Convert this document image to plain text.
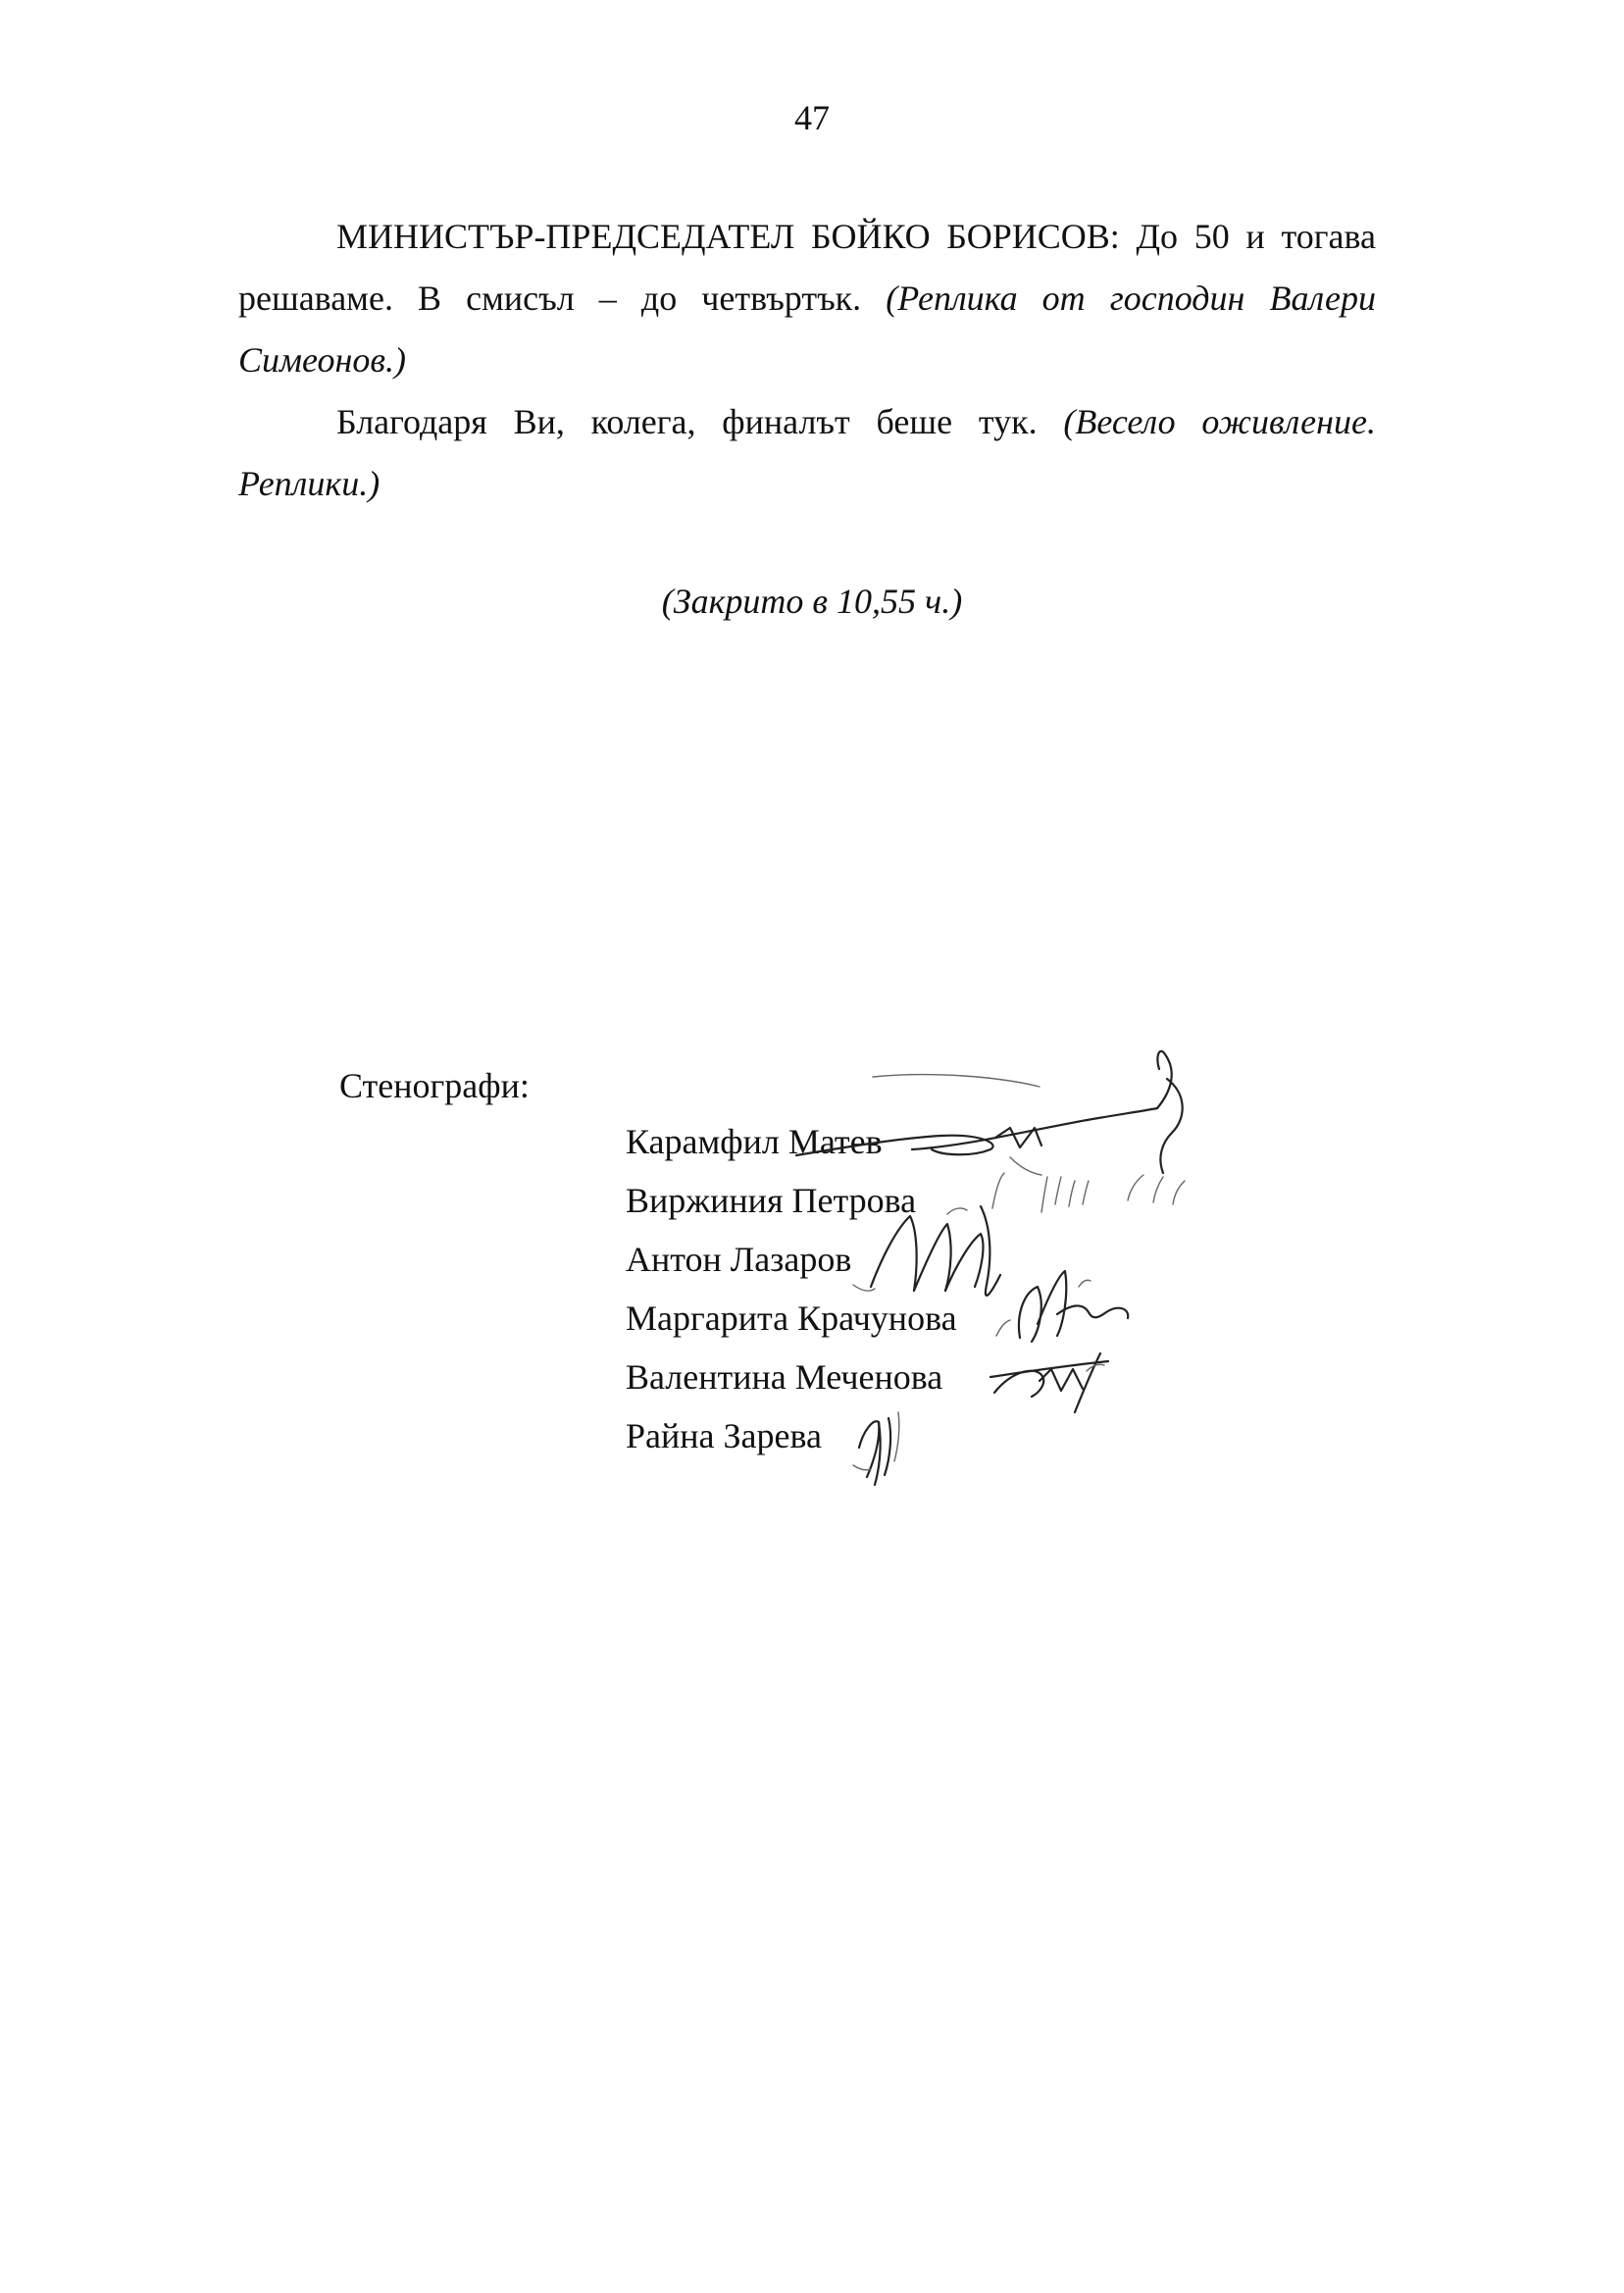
47

МИНИСТЪР-ПРЕДСЕДАТЕЛ БОЙКО БОРИСОВ: До 50 и тогава решаваме. В смисъл – до четвъртък. (Реплика от господин Валери Симеонов.)

Благодаря Ви, колега, финалът беше тук. (Весело оживление. Реплики.)

(Закрито в 10,55 ч.)
Стенографи:
Карамфил Матев
Виржиния Петрова
Антон Лазаров
Маргарита Крачунова
Валентина Меченова
Райна Зарева
